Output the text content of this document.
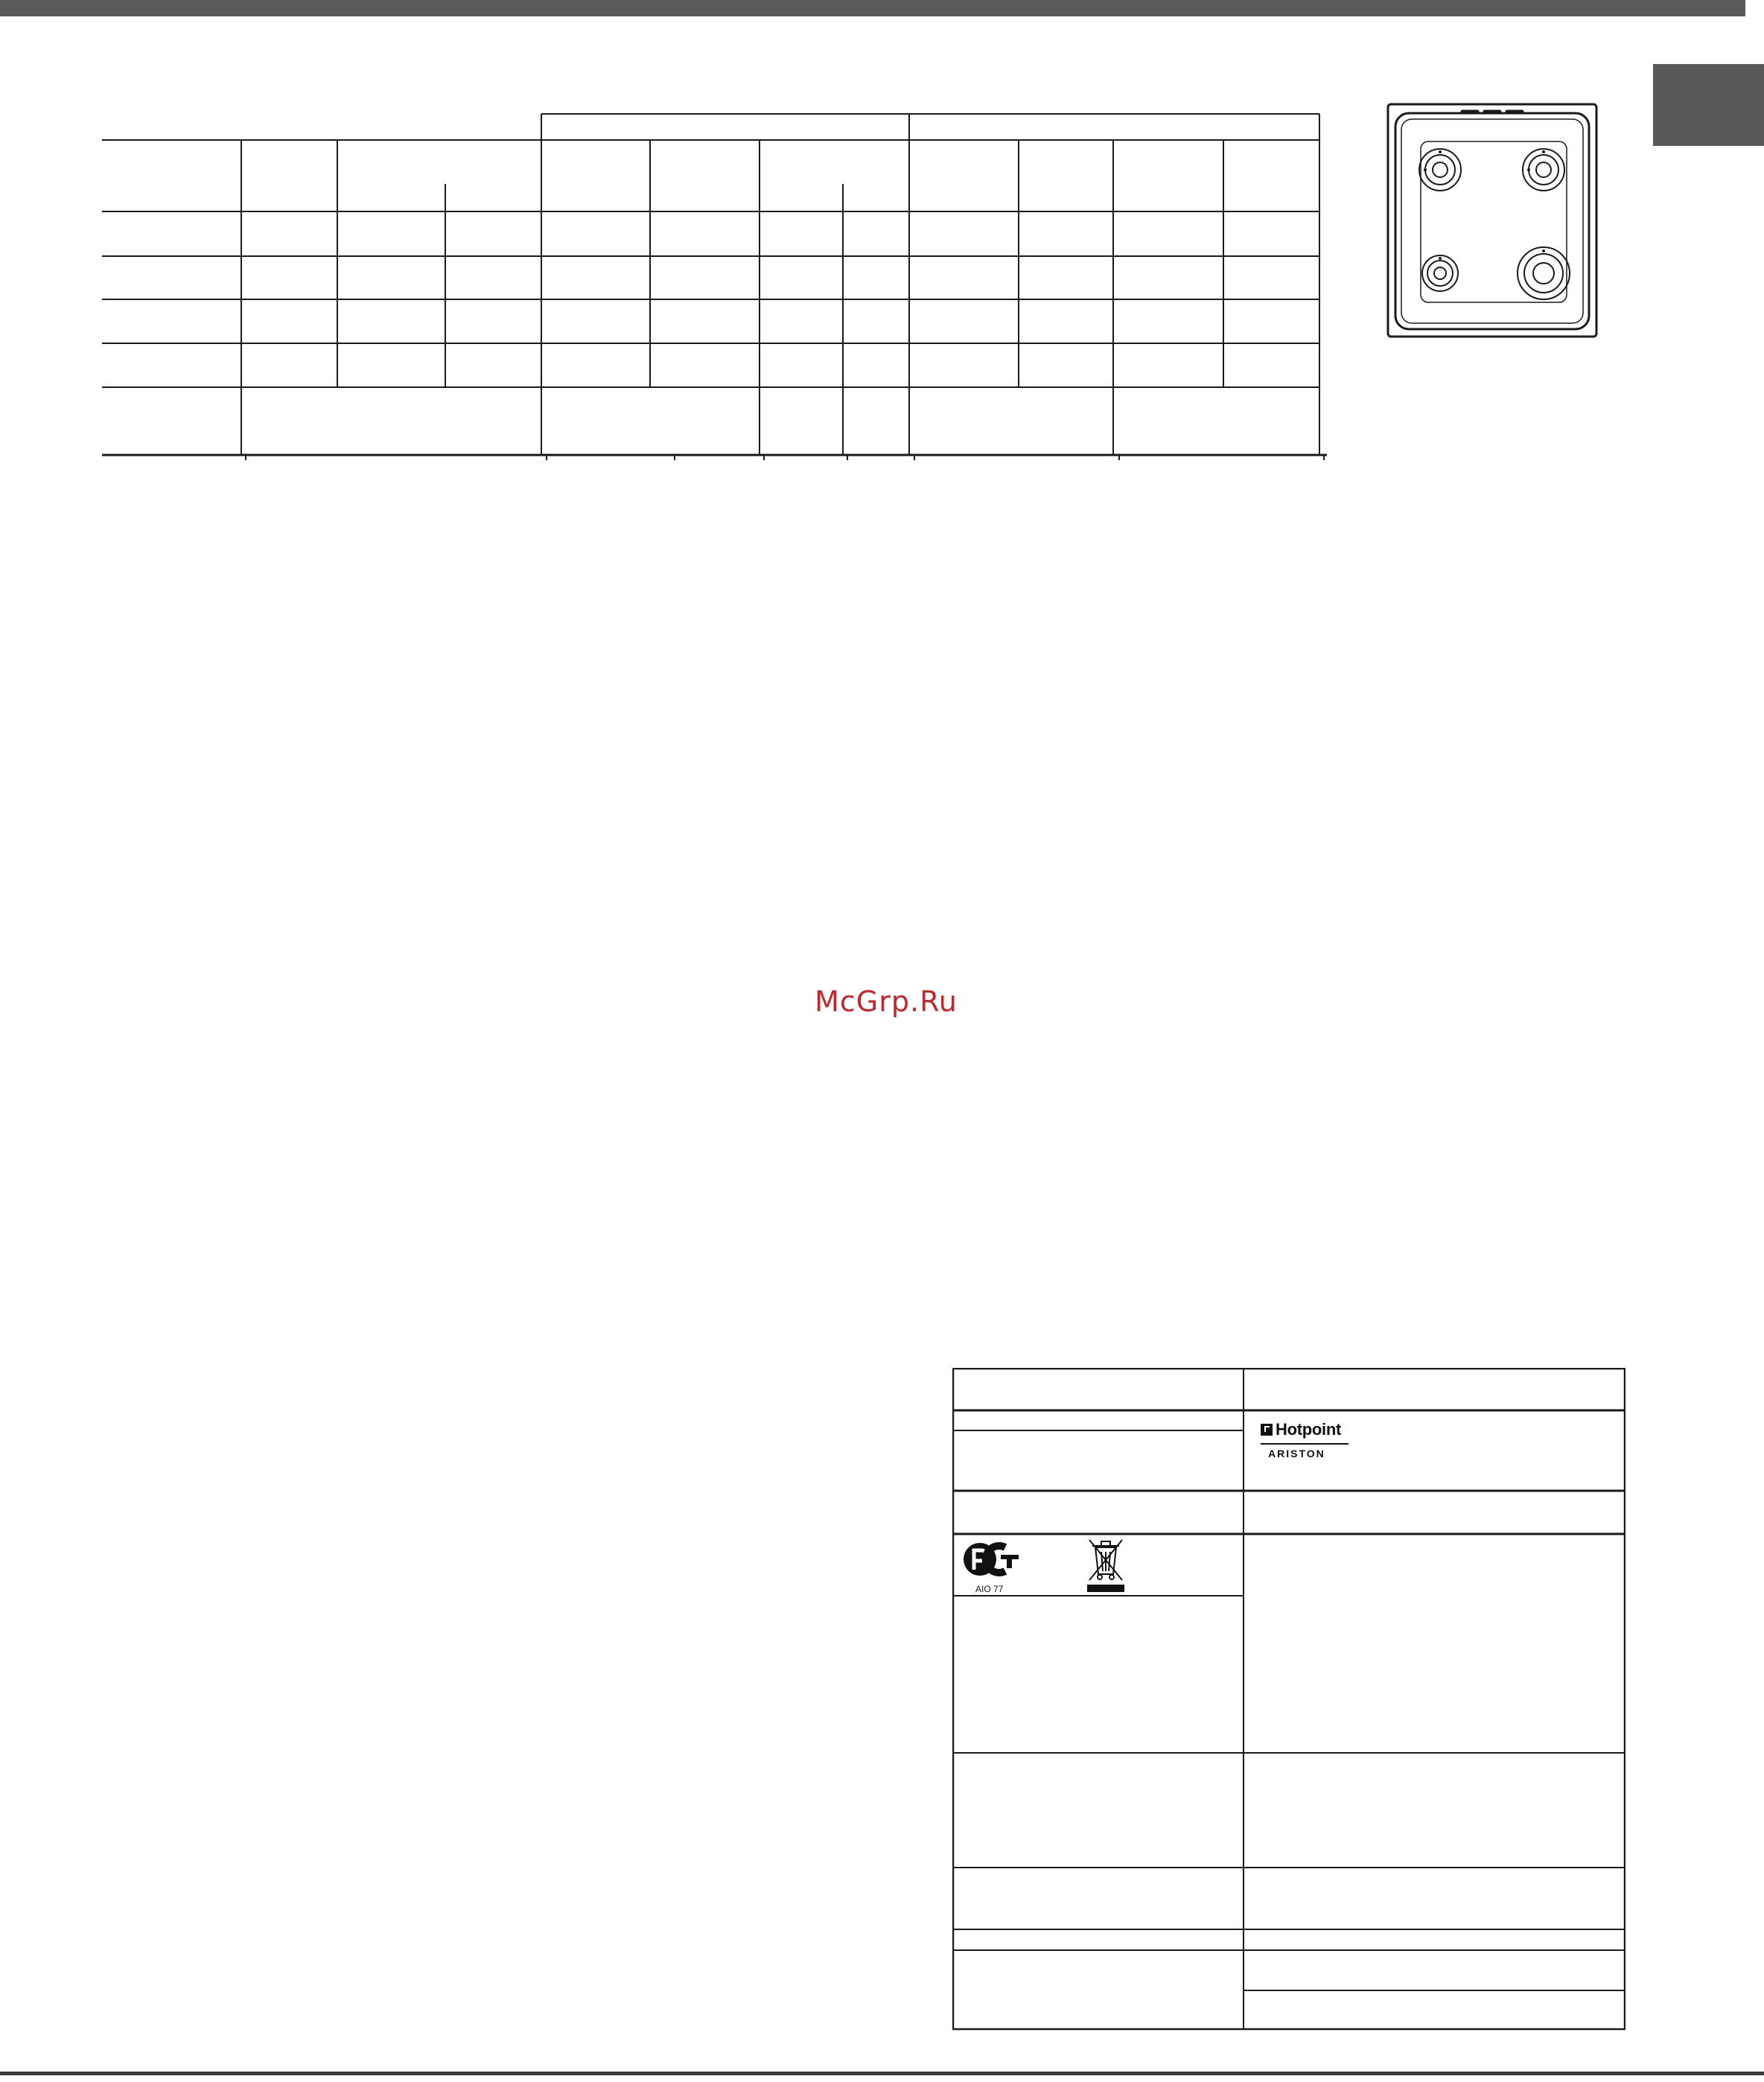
McGrp.Ru
Hotpoint
ARISTON
AIO 77
